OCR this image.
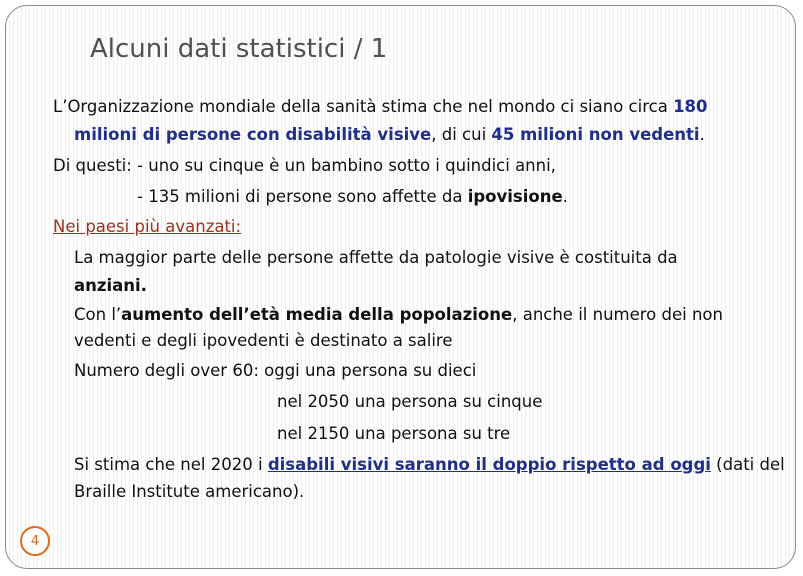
Alcuni dati statistici / 1
L’Organizzazione mondiale della sanità stima che nel mondo ci siano circa 180
milioni di persone con disabilità visive, di cui 45 milioni non vedenti.
Di questi: - uno su cinque è un bambino sotto i quindici anni,
- 135 milioni di persone sono affette da ipovisione.
Nei paesi più avanzati:
La maggior parte delle persone affette da patologie visive è costituita da
anziani.
Con l’aumento dell’età media della popolazione, anche il numero dei non
vedenti e degli ipovedenti è destinato a salire
Numero degli over 60: oggi una persona su dieci
nel 2050 una persona su cinque
nel 2150 una persona su tre
Si stima che nel 2020 i disabili visivi saranno il doppio rispetto ad oggi (dati del
Braille Institute americano).
4
